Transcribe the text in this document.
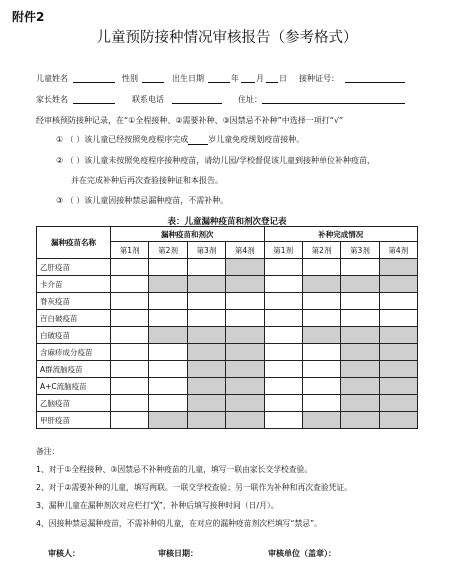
附件2
儿童预防接种情况审核报告（参考格式）
儿童姓名	性别	出生日期	年 月 日 接种证号：
家长姓名	联系电话	住址：
经审核预防接种记录，在“①全程接种、②需要补种、③因禁忌不补种”中选择一项打“√”
① （ ）该儿童已经按照免疫程序完成	岁儿童免疫规划疫苗接种。
② （ ）该儿童未按照免疫程序接种疫苗，请幼儿园/学校督促该儿童到接种单位补种疫苗，
并在完成补种后再次查验接种证和本报告。
③ （ ）该儿童因接种禁忌漏种疫苗，不需补种。
表：儿童漏种疫苗和剂次登记表
漏种疫苗名称	漏种疫苗和剂次				补种完成情况			
	第1剂	第2剂	第3剂	第4剂	第1剂	第2剂	第3剂	第4剂
乙肝疫苗								
卡介苗								
脊灰疫苗								
百白破疫苗								
白破疫苗								
含麻疹成分疫苗								
A群流脑疫苗								
A+C流脑疫苗								
乙脑疫苗								
甲肝疫苗								
备注：
1、对于①全程接种、③因禁忌不补种疫苗的儿童，填写一联由家长交学校查验。
2、对于②需要补种的儿童，填写两联。一联交学校查验；另一联作为补种和再次查验凭证。
3、漏种儿童在漏种剂次对应栏打“╳”，补种后填写接种时间（日/月）。
4、因接种禁忌漏种疫苗，不需补种的儿童，在对应的漏种疫苗剂次栏填写“禁忌”。
审核人：	审核日期：	审核单位（盖章）：
